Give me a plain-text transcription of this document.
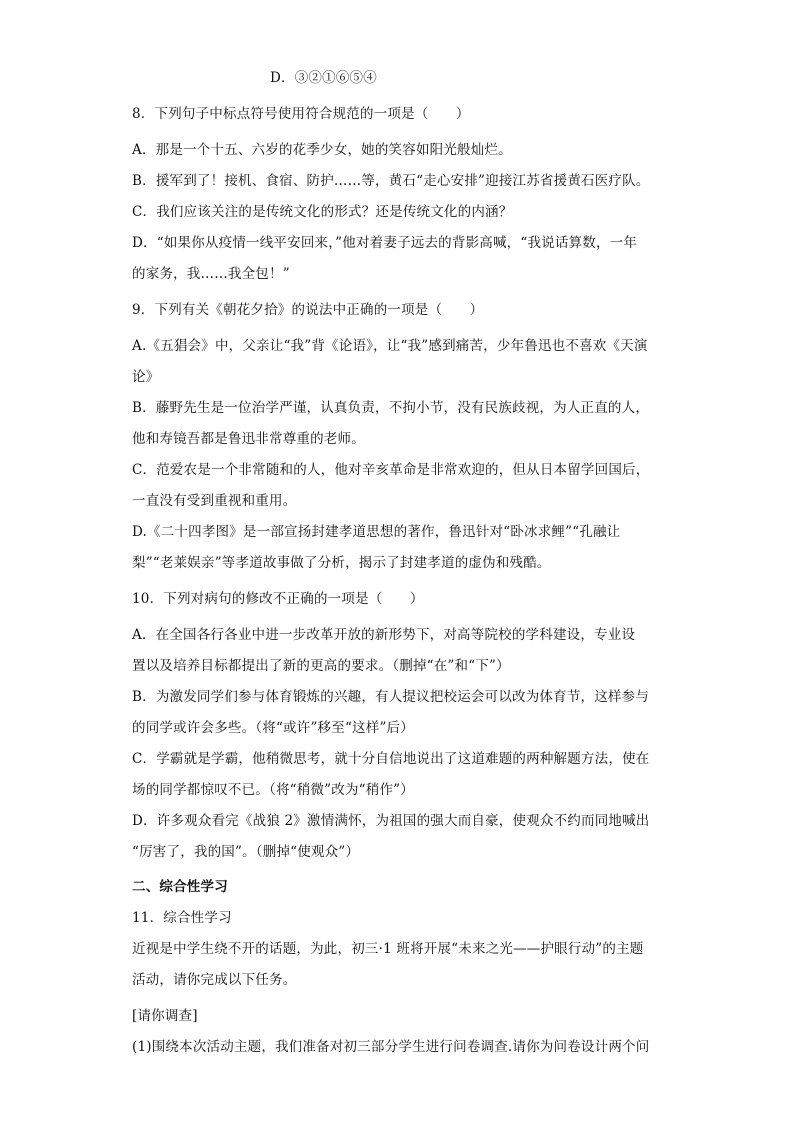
D．③②①⑥⑤④
8．下列句子中标点符号使用符合规范的一项是（　　）
A．那是一个十五、六岁的花季少女，她的笑容如阳光般灿烂。
B．援军到了！接机、食宿、防护……等，黄石“走心安排”迎接江苏省援黄石医疗队。
C．我们应该关注的是传统文化的形式？还是传统文化的内涵？
D．“如果你从疫情一线平安回来，”他对着妻子远去的背影高喊，“我说话算数，一年
的家务，我……我全包！”
9．下列有关《朝花夕拾》的说法中正确的一项是（　　）
A.《五猖会》中，父亲让“我”背《论语》，让“我”感到痛苦，少年鲁迅也不喜欢《天演
论》
B．藤野先生是一位治学严谨，认真负责，不拘小节，没有民族歧视，为人正直的人，
他和寿镜吾都是鲁迅非常尊重的老师。
C．范爱农是一个非常随和的人，他对辛亥革命是非常欢迎的，但从日本留学回国后，
一直没有受到重视和重用。
D.《二十四孝图》是一部宣扬封建孝道思想的著作，鲁迅针对“卧冰求鲤”“孔融让
梨”“老莱娱亲”等孝道故事做了分析，揭示了封建孝道的虚伪和残酷。
10．下列对病句的修改不正确的一项是（　　）
A．在全国各行各业中进一步改革开放的新形势下，对高等院校的学科建设，专业设
置以及培养目标都提出了新的更高的要求。（删掉“在”和“下”）
B．为激发同学们参与体育锻炼的兴趣，有人提议把校运会可以改为体育节，这样参与
的同学或许会多些。（将“或许”移至“这样”后）
C．学霸就是学霸，他稍微思考，就十分自信地说出了这道难题的两种解题方法，使在
场的同学都惊叹不已。（将“稍微”改为“稍作”）
D．许多观众看完《战狼 2》激情满怀，为祖国的强大而自豪，使观众不约而同地喊出
“厉害了，我的国”。（删掉“使观众”）
二、综合性学习
11．综合性学习
近视是中学生绕不开的话题，为此，初三·1 班将开展“未来之光——护眼行动”的主题
活动，请你完成以下任务。
[请你调查]
(1)围绕本次活动主题，我们准备对初三部分学生进行问卷调查.请你为问卷设计两个问
